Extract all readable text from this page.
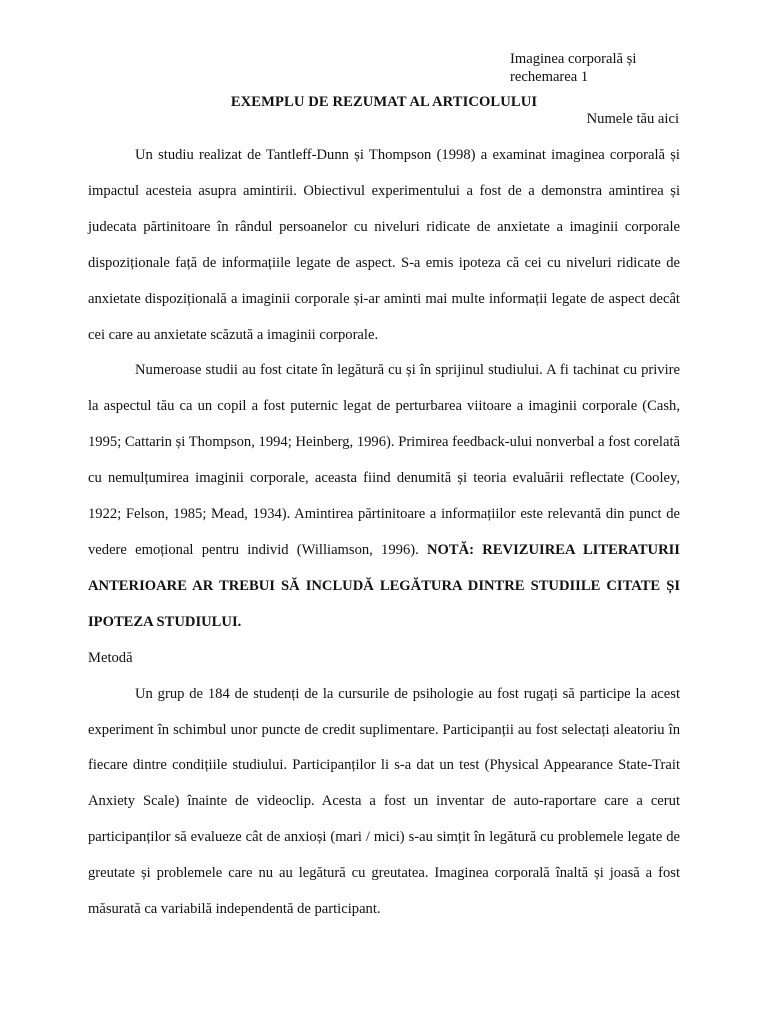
Imaginea corporală și rechemarea 1
EXEMPLU DE REZUMAT AL ARTICOLULUI
Numele tău aici

Un studiu realizat de Tantleff-Dunn și Thompson (1998) a examinat imaginea corporală și impactul acesteia asupra amintirii. Obiectivul experimentului a fost de a demonstra amintirea și judecata părtinitoare în rândul persoanelor cu niveluri ridicate de anxietate a imaginii corporale dispoziționale față de informațiile legate de aspect. S-a emis ipoteza că cei cu niveluri ridicate de anxietate dispozițională a imaginii corporale și-ar aminti mai multe informații legate de aspect decât cei care au anxietate scăzută a imaginii corporale.

Numeroase studii au fost citate în legătură cu și în sprijinul studiului. A fi tachinat cu privire la aspectul tău ca un copil a fost puternic legat de perturbarea viitoare a imaginii corporale (Cash, 1995; Cattarin și Thompson, 1994; Heinberg, 1996). Primirea feedback-ului nonverbal a fost corelată cu nemulțumirea imaginii corporale, aceasta fiind denumită și teoria evaluării reflectate (Cooley, 1922; Felson, 1985; Mead, 1934). Amintirea părtinitoare a informațiilor este relevantă din punct de vedere emoțional pentru individ (Williamson, 1996). NOTĂ: REVIZUIREA LITERATURII ANTERIOARE AR TREBUI SĂ INCLUDĂ LEGĂTURA DINTRE STUDIILE CITATE ȘI IPOTEZA STUDIULUI.

Metodă

Un grup de 184 de studenți de la cursurile de psihologie au fost rugați să participe la acest experiment în schimbul unor puncte de credit suplimentare. Participanții au fost selectați aleatoriu în fiecare dintre condițiile studiului. Participanților li s-a dat un test (Physical Appearance State-Trait Anxiety Scale) înainte de videoclip. Acesta a fost un inventar de auto-raportare care a cerut participanților să evalueze cât de anxioși (mari / mici) s-au simțit în legătură cu problemele legate de greutate și problemele care nu au legătură cu greutatea. Imaginea corporală înaltă și joasă a fost măsurată ca variabilă independentă de participant.
